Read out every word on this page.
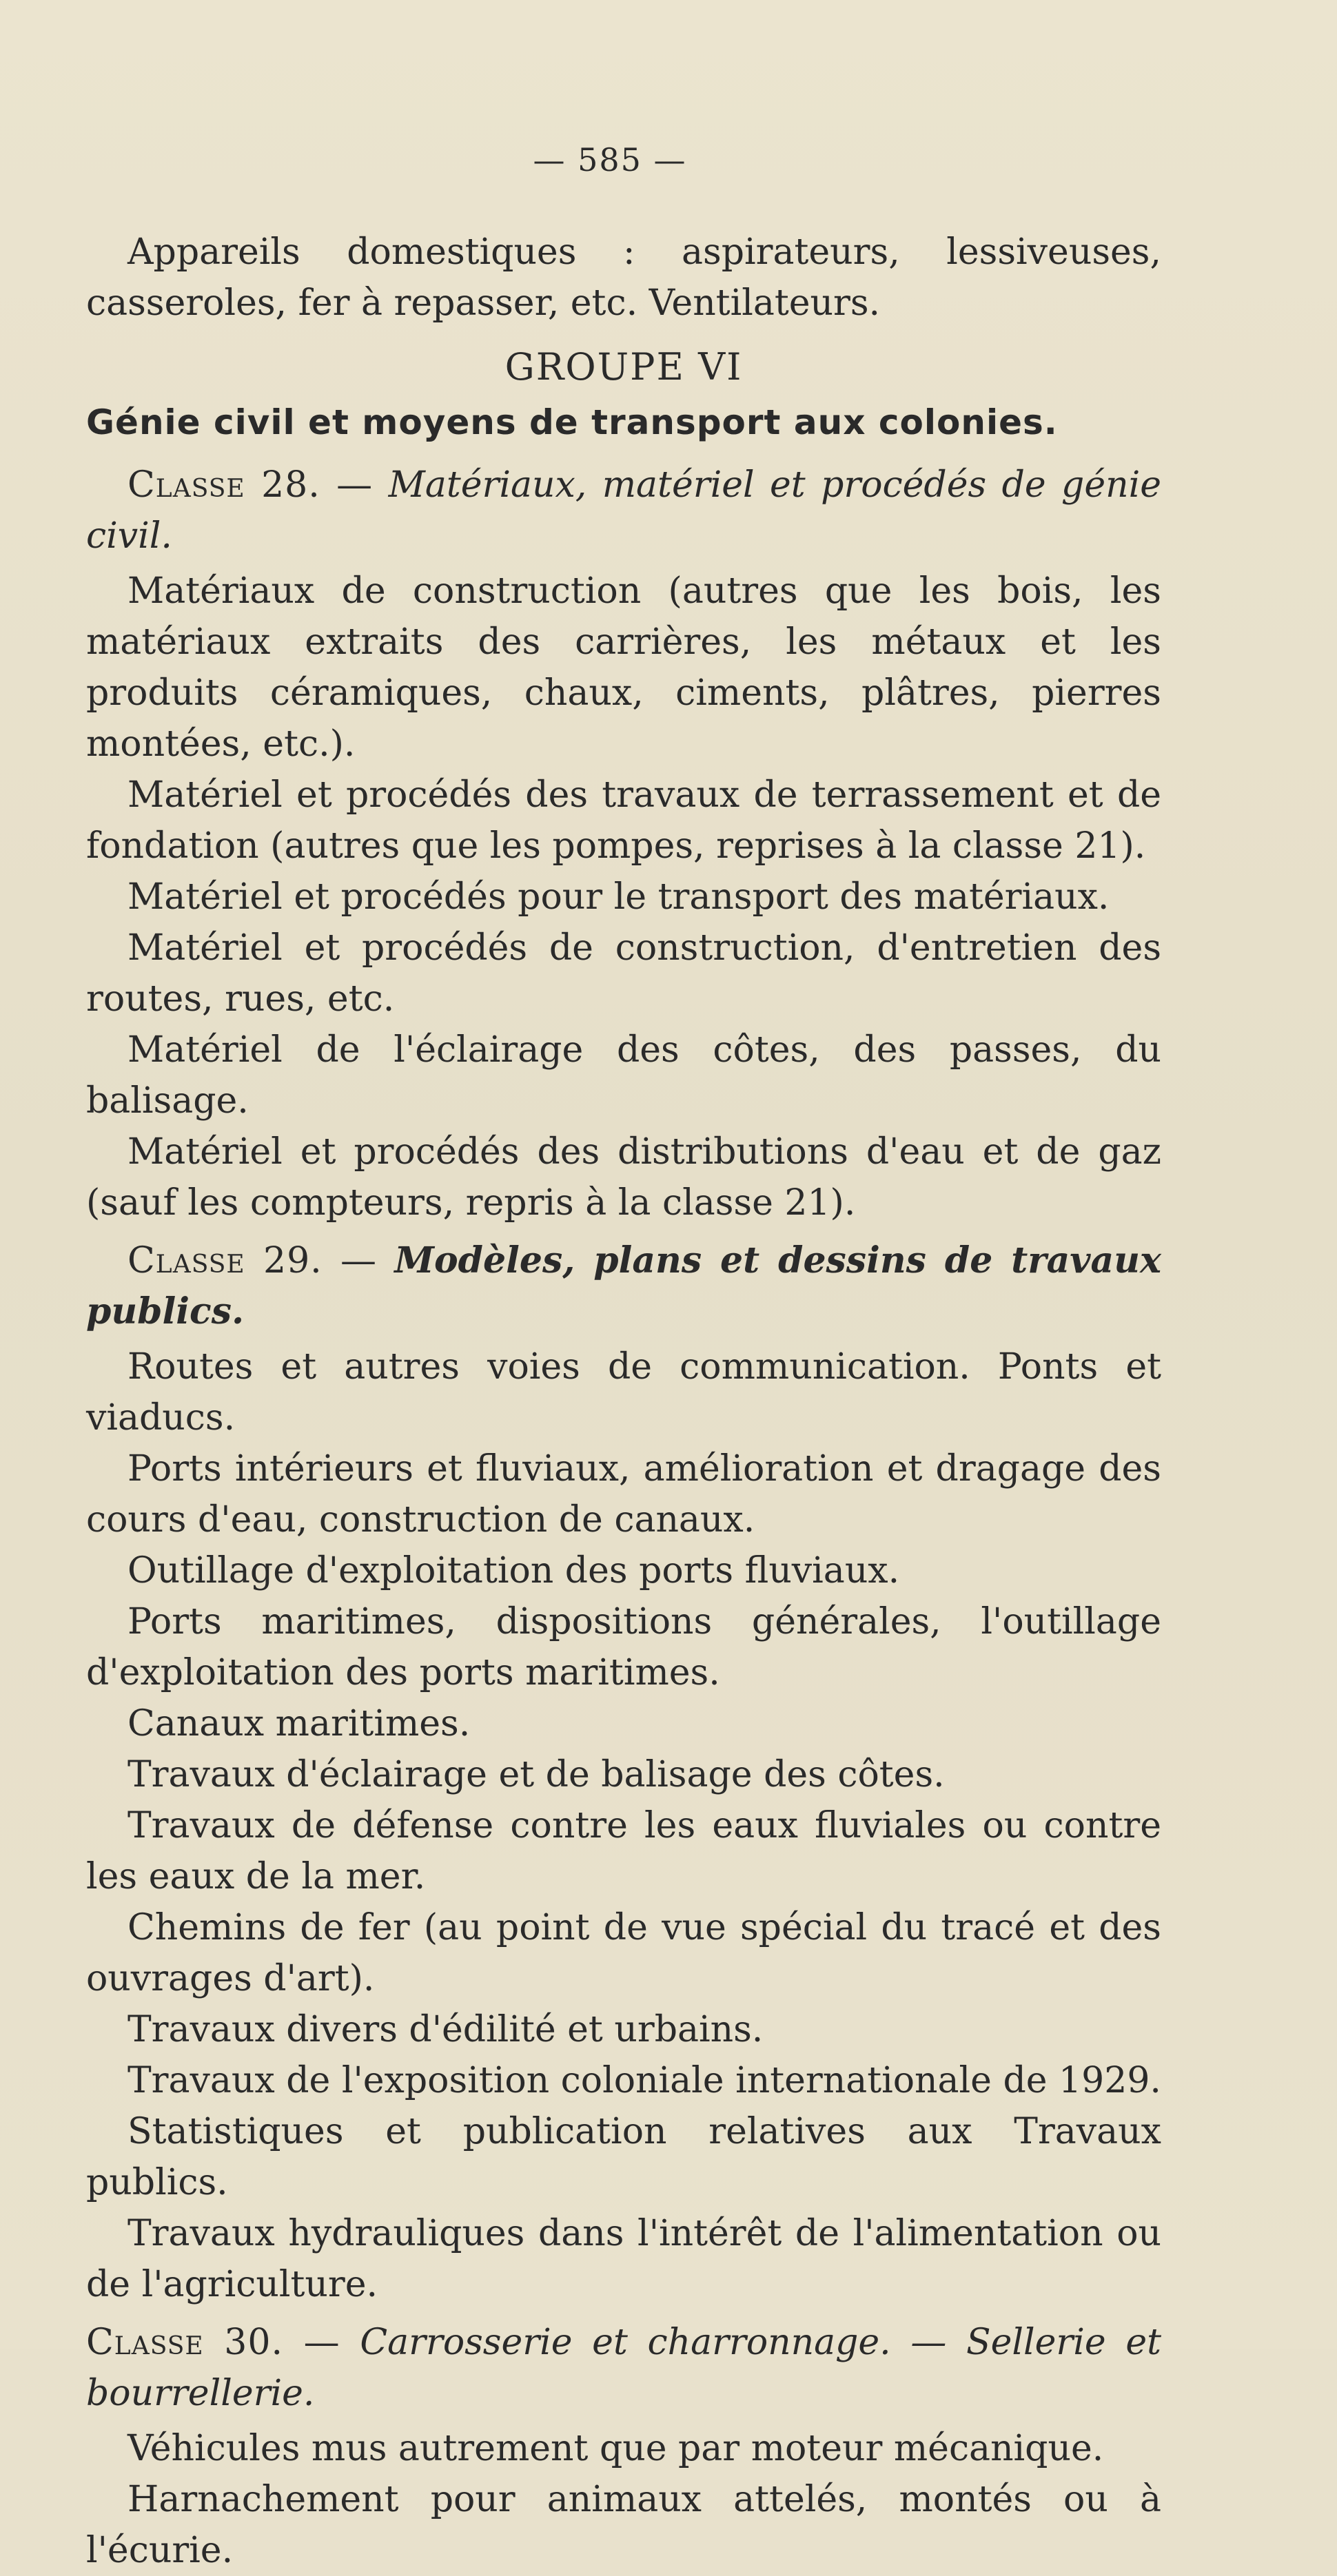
— 585 —

Appareils domestiques : aspirateurs, lessiveuses, casseroles, fer à repasser, etc. Ventilateurs.

GROUPE VI
Génie civil et moyens de transport aux colonies.

Classe 28. — Matériaux, matériel et procédés de génie civil.

Matériaux de construction (autres que les bois, les matériaux extraits des carrières, les métaux et les produits céramiques, chaux, ciments, plâtres, pierres montées, etc.).

Matériel et procédés des travaux de terrassement et de fondation (autres que les pompes, reprises à la classe 21).

Matériel et procédés pour le transport des matériaux.

Matériel et procédés de construction, d'entretien des routes, rues, etc.

Matériel de l'éclairage des côtes, des passes, du balisage.

Matériel et procédés des distributions d'eau et de gaz (sauf les compteurs, repris à la classe 21).

Classe 29. — Modèles, plans et dessins de travaux publics.

Routes et autres voies de communication. Ponts et viaducs.

Ports intérieurs et fluviaux, amélioration et dragage des cours d'eau, construction de canaux.

Outillage d'exploitation des ports fluviaux.

Ports maritimes, dispositions générales, l'outillage d'exploitation des ports maritimes.

Canaux maritimes.

Travaux d'éclairage et de balisage des côtes.

Travaux de défense contre les eaux fluviales ou contre les eaux de la mer.

Chemins de fer (au point de vue spécial du tracé et des ouvrages d'art).

Travaux divers d'édilité et urbains.

Travaux de l'exposition coloniale internationale de 1929.

Statistiques et publication relatives aux Travaux publics.

Travaux hydrauliques dans l'intérêt de l'alimentation ou de l'agriculture.

Classe 30. — Carrosserie et charronnage. — Sellerie et bourrellerie.

Véhicules mus autrement que par moteur mécanique.

Harnachement pour animaux attelés, montés ou à l'écurie.
